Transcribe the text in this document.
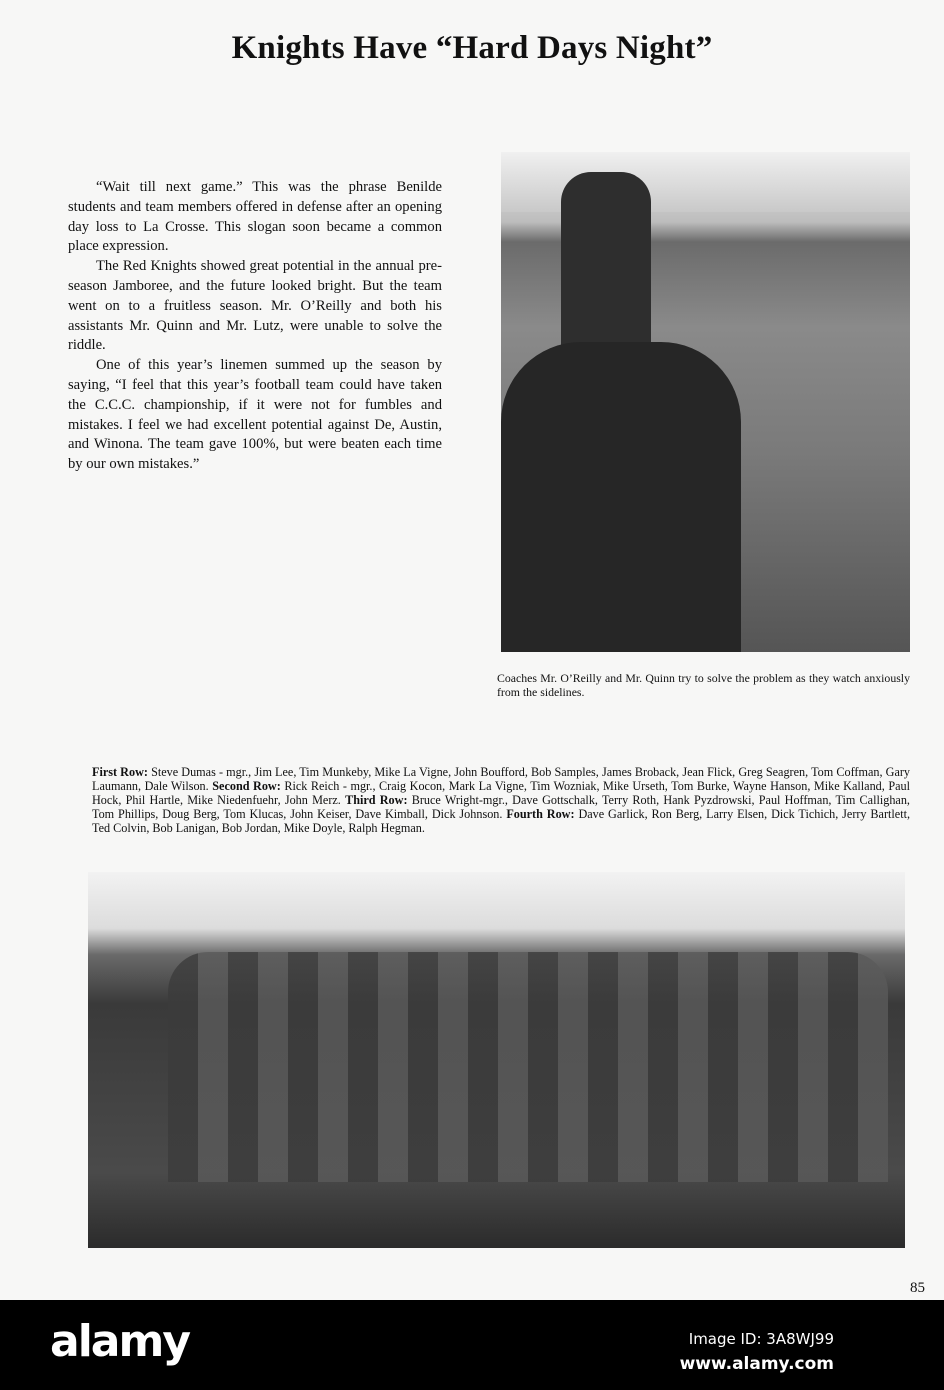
Knights Have “Hard Days Night”

“Wait till next game.” This was the phrase Benilde students and team members offered in defense after an opening day loss to La Crosse. This slogan soon became a common place expression.

The Red Knights showed great potential in the annual pre-season Jamboree, and the future looked bright. But the team went on to a fruitless season. Mr. O’Reilly and both his assistants Mr. Quinn and Mr. Lutz, were unable to solve the riddle.

One of this year’s linemen summed up the season by saying, “I feel that this year’s football team could have taken the C.C.C. championship, if it were not for fumbles and mistakes. I feel we had excellent potential against De, Austin, and Winona. The team gave 100%, but were beaten each time by our own mistakes.”

Coaches Mr. O’Reilly and Mr. Quinn try to solve the problem as they watch anxiously from the sidelines.
First Row: Steve Dumas - mgr., Jim Lee, Tim Munkeby, Mike La Vigne, John Boufford, Bob Samples, James Broback, Jean Flick, Greg Seagren, Tom Coffman, Gary Laumann, Dale Wilson. Second Row: Rick Reich - mgr., Craig Kocon, Mark La Vigne, Tim Wozniak, Mike Urseth, Tom Burke, Wayne Hanson, Mike Kalland, Paul Hock, Phil Hartle, Mike Niedenfuehr, John Merz. Third Row: Bruce Wright-mgr., Dave Gottschalk, Terry Roth, Hank Pyzdrowski, Paul Hoffman, Tim Callighan, Tom Phillips, Doug Berg, Tom Klucas, John Keiser, Dave Kimball, Dick Johnson. Fourth Row: Dave Garlick, Ron Berg, Larry Elsen, Dick Tichich, Jerry Bartlett, Ted Colvin, Bob Lanigan, Bob Jordan, Mike Doyle, Ralph Hegman.
85
alamy	Image ID: 3A8WJ99
www.alamy.com
